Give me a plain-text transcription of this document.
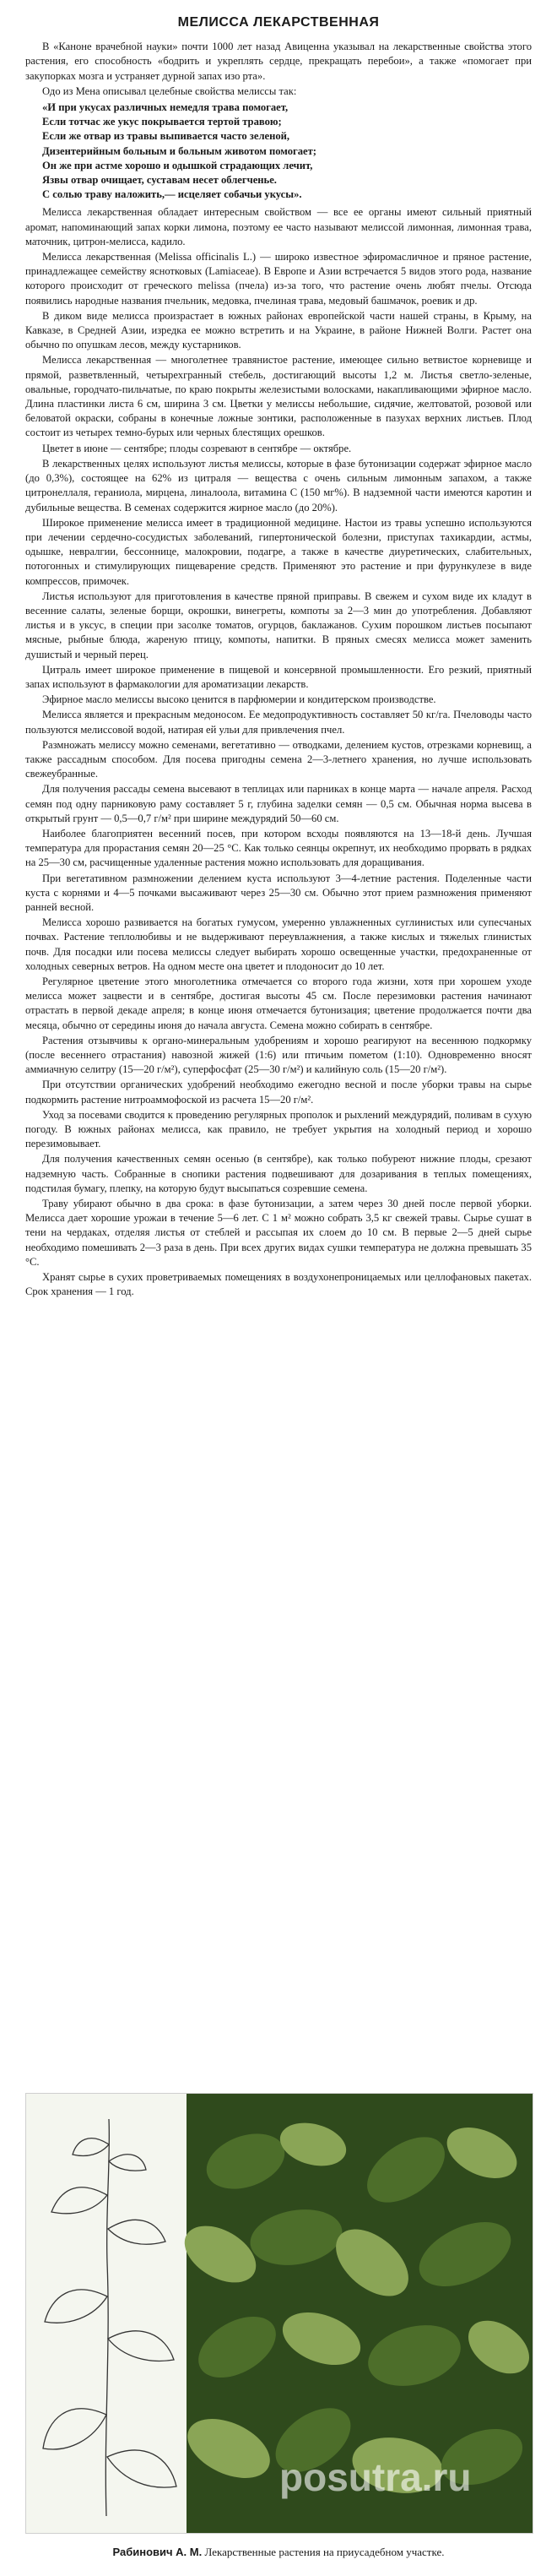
МЕЛИССА ЛЕКАРСТВЕННАЯ

В «Каноне врачебной науки» почти 1000 лет назад Авиценна указывал на лекарственные свойства этого растения, его способность «бодрить и укреплять сердце, прекращать перебои», а также «помогает при закупорках мозга и устраняет дурной запах изо рта».

Одо из Мена описывал целебные свойства мелиссы так:

«И при укусах различных немедля трава помогает,
Если тотчас же укус покрывается тертой травою;
Если же отвар из травы выпивается часто зеленой,
Дизентерийным больным и больным животом помогает;
Он же при астме хорошо и одышкой страдающих лечит,
Язвы отвар очищает, суставам несет облегченье.
С солью траву наложить,— исцеляет собачьи укусы».

Мелисса лекарственная обладает интересным свойством — все ее органы имеют сильный приятный аромат, напоминающий запах корки лимона, поэтому ее часто называют мелиссой лимонная, лимонная трава, маточник, цитрон-мелисса, кадило.

Мелисса лекарственная (Melissa officinalis L.) — широко известное эфиромасличное и пряное растение, принадлежащее семейству яснотковых (Lamiaceae). В Европе и Азии встречается 5 видов этого рода, название которого происходит от греческого melissa (пчела) из-за того, что растение очень любят пчелы. Отсюда появились народные названия пчельник, медовка, пчелиная трава, медовый башмачок, роевик и др.

В диком виде мелисса произрастает в южных районах европейской части нашей страны, в Крыму, на Кавказе, в Средней Азии, изредка ее можно встретить и на Украине, в районе Нижней Волги. Растет она обычно по опушкам лесов, между кустарников.

Мелисса лекарственная — многолетнее травянистое растение, имеющее сильно ветвистое корневище и прямой, разветвленный, четырехгранный стебель, достигающий высоты 1,2 м. Листья светло-зеленые, овальные, городчато-пильчатые, по краю покрыты железистыми волосками, накапливающими эфирное масло. Длина пластинки листа 6 см, ширина 3 см. Цветки у мелиссы небольшие, сидячие, желтоватой, розовой или беловатой окраски, собраны в конечные ложные зонтики, расположенные в пазухах верхних листьев. Плод состоит из четырех темно-бурых или черных блестящих орешков.

Цветет в июне — сентябре; плоды созревают в сентябре — октябре.

В лекарственных целях используют листья мелиссы, которые в фазе бутонизации содержат эфирное масло (до 0,3%), состоящее на 62% из цитраля — вещества с очень сильным лимонным запахом, а также цитронеллаля, гераниола, мирцена, линалоола, витамина С (150 мг%). В надземной части имеются каротин и дубильные вещества. В семенах содержится жирное масло (до 20%).

Широкое применение мелисса имеет в традиционной медицине. Настои из травы успешно используются при лечении сердечно-сосудистых заболеваний, гипертонической болезни, приступах тахикардии, астмы, одышке, невралгии, бессоннице, малокровии, подагре, а также в качестве диуретических, слабительных, потогонных и стимулирующих пищеварение средств. Применяют это растение и при фурункулезе в виде компрессов, примочек.

Листья используют для приготовления в качестве пряной приправы. В свежем и сухом виде их кладут в весенние салаты, зеленые борщи, окрошки, винегреты, компоты за 2—3 мин до употребления. Добавляют листья и в уксус, в специи при засолке томатов, огурцов, баклажанов. Сухим порошком листьев посыпают мясные, рыбные блюда, жареную птицу, компоты, напитки. В пряных смесях мелисса может заменить душистый и черный перец.

Цитраль имеет широкое применение в пищевой и консервной промышленности. Его резкий, приятный запах используют в фармакологии для ароматизации лекарств.

Эфирное масло мелиссы высоко ценится в парфюмерии и кондитерском производстве.

Мелисса является и прекрасным медоносом. Ее медопродуктивность составляет 50 кг/га. Пчеловоды часто пользуются мелиссовой водой, натирая ей ульи для привлечения пчел.

Размножать мелиссу можно семенами, вегетативно — отводками, делением кустов, отрезками корневищ, а также рассадным способом. Для посева пригодны семена 2—3-летнего хранения, но лучше использовать свежеубранные.

Для получения рассады семена высевают в теплицах или парниках в конце марта — начале апреля. Расход семян под одну парниковую раму составляет 5 г, глубина заделки семян — 0,5 см. Обычная норма высева в открытый грунт — 0,5—0,7 г/м² при ширине междурядий 50—60 см.

Наиболее благоприятен весенний посев, при котором всходы появляются на 13—18-й день. Лучшая температура для прорастания семян 20—25 °С. Как только сеянцы окрепнут, их необходимо прорвать в рядках на 25—30 см, расчищенные удаленные растения можно использовать для доращивания.

При вегетативном размножении делением куста используют 3—4-летние растения. Поделенные части куста с корнями и 4—5 почками высаживают через 25—30 см. Обычно этот прием размножения применяют ранней весной.

Мелисса хорошо развивается на богатых гумусом, умеренно увлажненных суглинистых или супесчаных почвах. Растение теплолюбивы и не выдерживают переувлажнения, а также кислых и тяжелых глинистых почв. Для посадки или посева мелиссы следует выбирать хорошо освещенные участки, предохраненные от холодных северных ветров. На одном месте она цветет и плодоносит до 10 лет.

Регулярное цветение этого многолетника отмечается со второго года жизни, хотя при хорошем уходе мелисса может зацвести и в сентябре, достигая высоты 45 см. После перезимовки растения начинают отрастать в первой декаде апреля; в конце июня отмечается бутонизация; цветение продолжается почти два месяца, обычно от середины июня до начала августа. Семена можно собирать в сентябре.

Растения отзывчивы к органо-минеральным удобрениям и хорошо реагируют на весеннюю подкормку (после весеннего отрастания) навозной жижей (1:6) или птичьим пометом (1:10). Одновременно вносят аммиачную селитру (15—20 г/м²), суперфосфат (25—30 г/м²) и калийную соль (15—20 г/м²).

При отсутствии органических удобрений необходимо ежегодно весной и после уборки травы на сырье подкормить растение нитроаммофоской из расчета 15—20 г/м².

Уход за посевами сводится к проведению регулярных прополок и рыхлений междурядий, поливам в сухую погоду. В южных районах мелисса, как правило, не требует укрытия на холодный период и хорошо перезимовывает.

Для получения качественных семян осенью (в сентябре), как только побуреют нижние плоды, срезают надземную часть. Собранные в снопики растения подвешивают для дозаривания в теплых помещениях, подстилая бумагу, плепку, на которую будут высыпаться созревшие семена.

Траву убирают обычно в два срока: в фазе бутонизации, а затем через 30 дней после первой уборки. Мелисса дает хорошие урожаи в течение 5—6 лет. С 1 м² можно собрать 3,5 кг свежей травы. Сырье сушат в тени на чердаках, отделяя листья от стеблей и рассыпая их слоем до 10 см. В первые 2—5 дней сырье необходимо помешивать 2—3 раза в день. При всех других видах сушки температура не должна превышать 35 °С.

Хранят сырье в сухих проветриваемых помещениях в воздухонепроницаемых или целлофановых пакетах. Срок хранения — 1 год.

posutra.ru
Рабинович А. М. Лекарственные растения на приусадебном участке.
